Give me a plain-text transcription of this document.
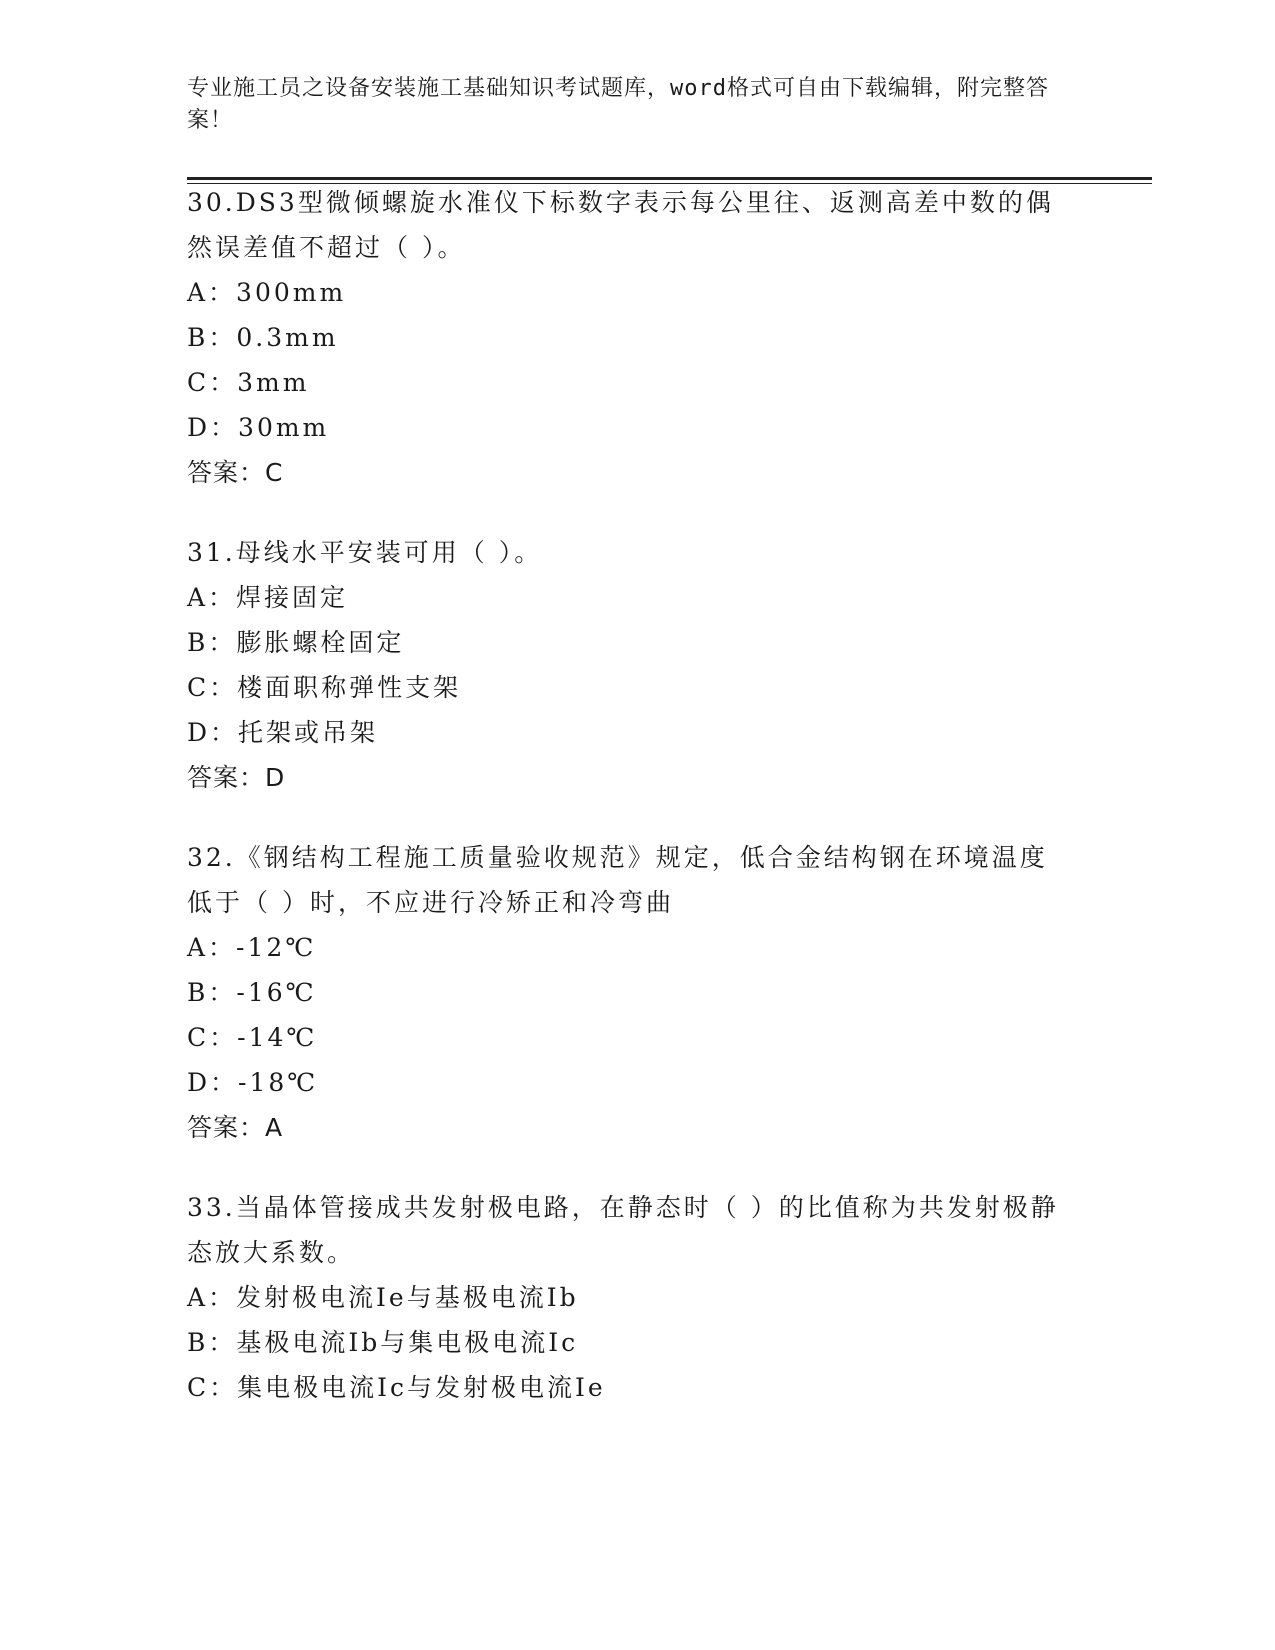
专业施工员之设备安装施工基础知识考试题库，word格式可自由下载编辑，附完整答案！
30.DS3型微倾螺旋水准仪下标数字表示每公里往、返测高差中数的偶然误差值不超过（ ）。
A：300mm
B：0.3mm
C：3mm
D：30mm
答案：C
31.母线水平安装可用（ ）。
A：焊接固定
B：膨胀螺栓固定
C：楼面职称弹性支架
D：托架或吊架
答案：D
32.《钢结构工程施工质量验收规范》规定，低合金结构钢在环境温度低于（ ）时，不应进行冷矫正和冷弯曲
A：-12℃
B：-16℃
C：-14℃
D：-18℃
答案：A
33.当晶体管接成共发射极电路，在静态时（ ）的比值称为共发射极静态放大系数。
A：发射极电流Ie与基极电流Ib
B：基极电流Ib与集电极电流Ic
C：集电极电流Ic与发射极电流Ie
